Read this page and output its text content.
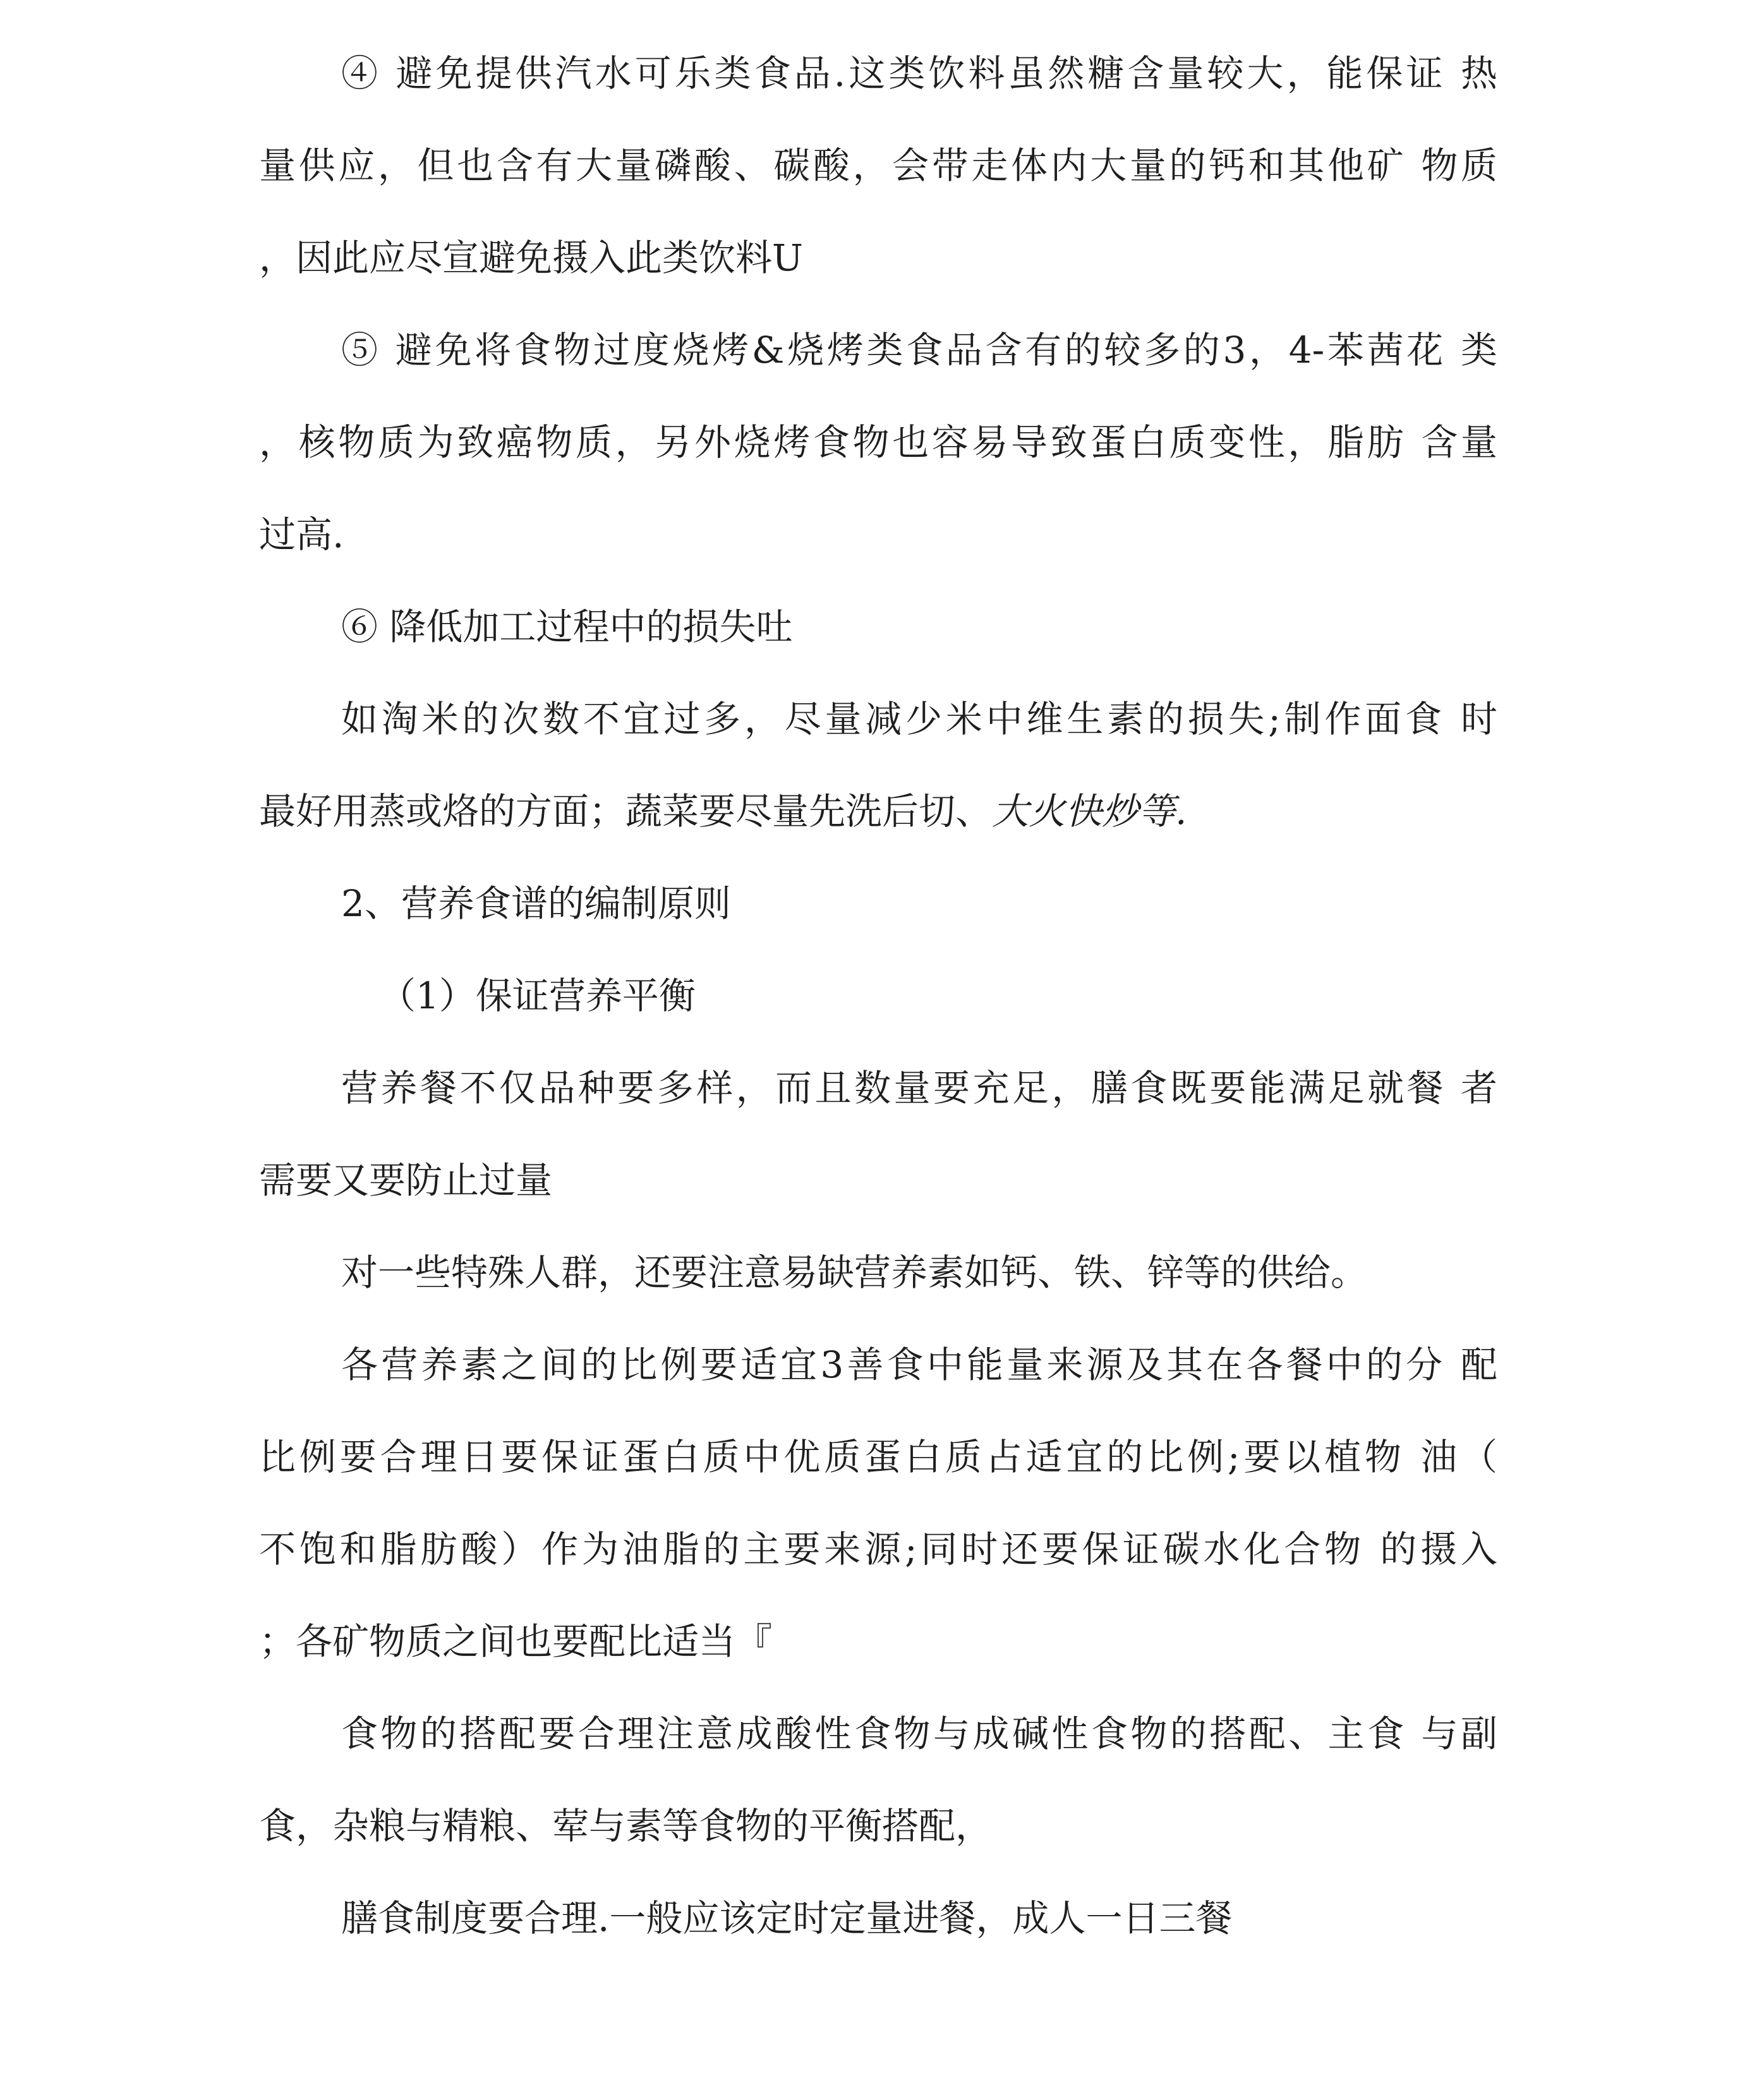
④ 避免提供汽水可乐类食品.这类饮料虽然糖含量较大，能保证 热
量供应，但也含有大量磷酸、碳酸，会带走体内大量的钙和其他矿 物质
，因此应尽宣避免摄入此类饮料U
⑤ 避免将食物过度烧烤&烧烤类食品含有的较多的3，4-苯茜花 类
，核物质为致癌物质，另外烧烤食物也容易导致蛋白质变性，脂肪 含量
过高.
⑥ 降低加工过程中的损失吐
如淘米的次数不宜过多，尽量减少米中维生素的损失;制作面食 时
最好用蒸或烙的方面；蔬菜要尽量先洗后切、大火快炒等.
2、营养食谱的编制原则
（1）保证营养平衡
营养餐不仅品种要多样，而且数量要充足，膳食既要能满足就餐 者
需要又要防止过量
对一些特殊人群，还要注意易缺营养素如钙、铁、锌等的供给。
各营养素之间的比例要适宜3善食中能量来源及其在各餐中的分 配
比例要合理日要保证蛋白质中优质蛋白质占适宜的比例;要以植物 油（
不饱和脂肪酸）作为油脂的主要来源;同时还要保证碳水化合物 的摄入
；各矿物质之间也要配比适当『
食物的搭配要合理注意成酸性食物与成碱性食物的搭配、主食 与副
食，杂粮与精粮、荤与素等食物的平衡搭配，
膳食制度要合理.一般应该定时定量进餐，成人一日三餐
